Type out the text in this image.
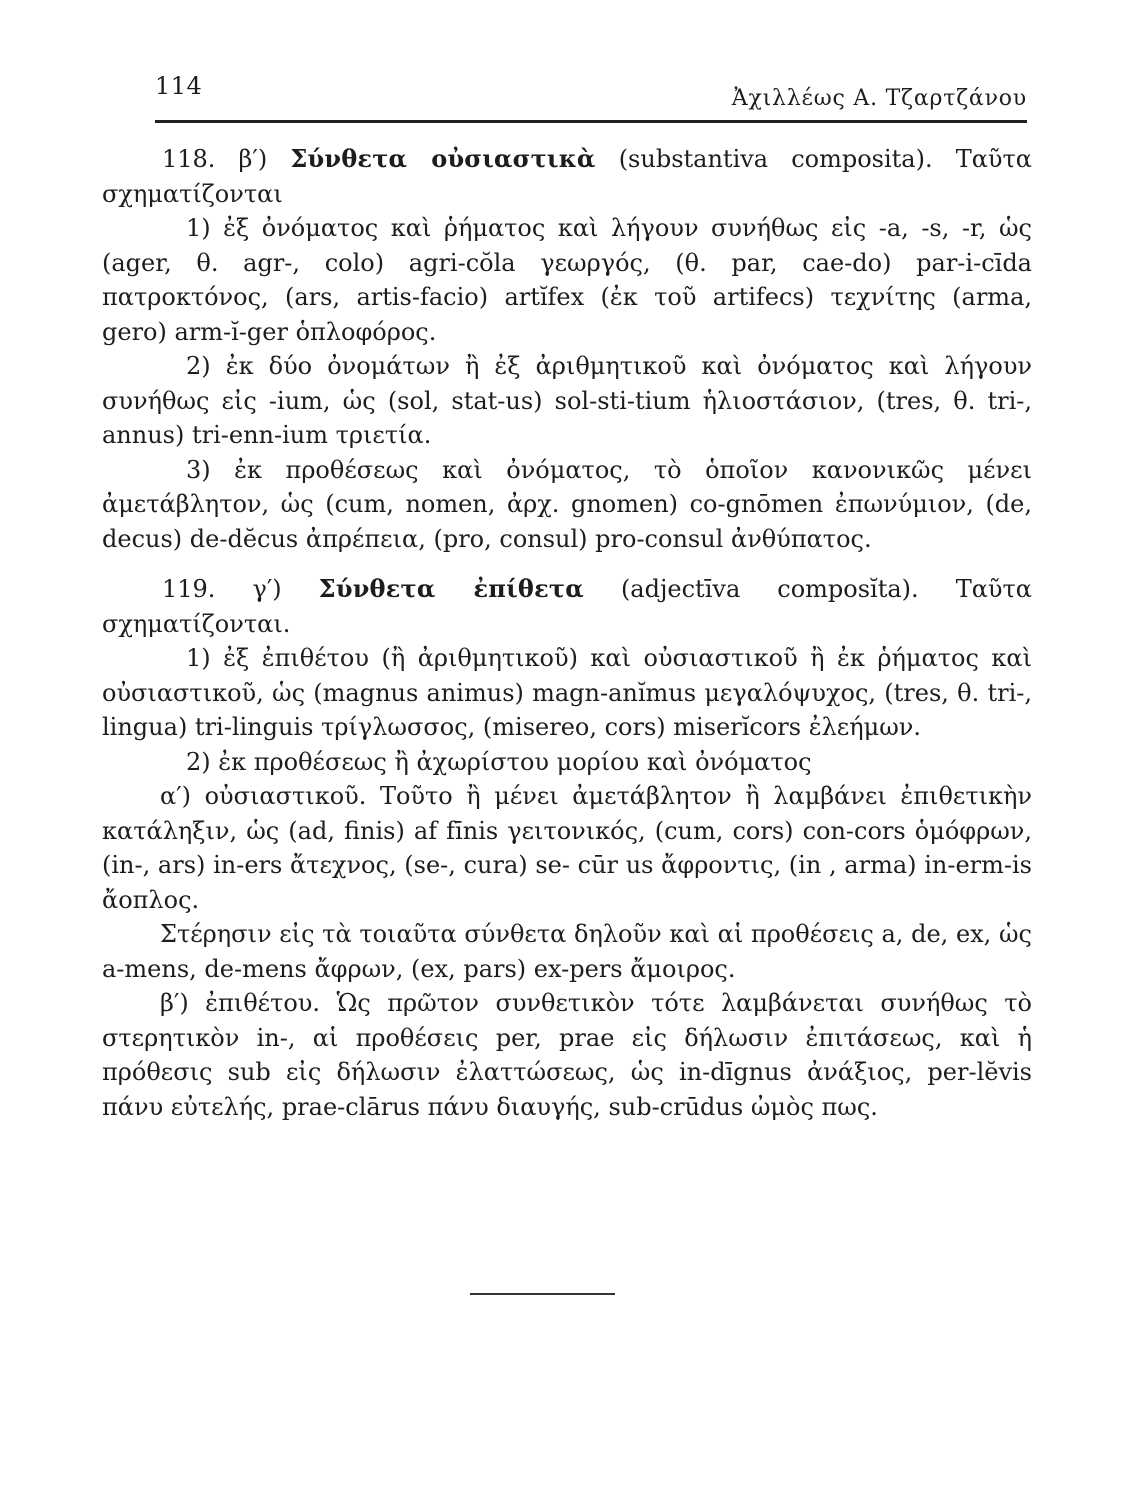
114	Ἀχιλλέως Α. Τζαρτζάνου

118. β′) Σύνθετα οὐσιαστικὰ (substantiva composita). Ταῦτα σχηματίζονται

1) ἐξ ὀνόματος καὶ ῥήματος καὶ λήγουν συνήθως εἰς -a, -s, -r, ὡς (ager, θ. agr-, colo) agri-cŏla γεωργός, (θ. par, cae-do) par-i-cīda πατροκτόνος, (ars, artis-facio) artĭfex (ἐκ τοῦ artifecs) τεχνίτης (arma, gero) arm-ĭ-ger ὁπλοφόρος.

2) ἐκ δύο ὀνομάτων ἢ ἐξ ἀριθμητικοῦ καὶ ὀνόματος καὶ λήγουν συνήθως εἰς -ium, ὡς (sol, stat-us) sol-sti-tium ἡλιοστάσιον, (tres, θ. tri-, annus) tri-enn-ium τριετία.

3) ἐκ προθέσεως καὶ ὀνόματος, τὸ ὁποῖον κανονικῶς μένει ἀμετάβλητον, ὡς (cum, nomen, ἀρχ. gnomen) co-gnōmen ἐπωνύμιον, (de, decus) de-dĕcus ἀπρέπεια, (pro, consul) pro-consul ἀνθύπατος.

119. γ′) Σύνθετα ἐπίθετα (adjectīva composĭta). Ταῦτα σχηματίζονται.

1) ἐξ ἐπιθέτου (ἢ ἀριθμητικοῦ) καὶ οὐσιαστικοῦ ἢ ἐκ ῥήματος καὶ οὐσιαστικοῦ, ὡς (magnus animus) magn-anĭmus μεγαλόψυχος, (tres, θ. tri-, lingua) tri-linguis τρίγλωσσος, (misereo, cors) miserĭcors ἐλεήμων.

2) ἐκ προθέσεως ἢ ἀχωρίστου μορίου καὶ ὀνόματος

α′) οὐσιαστικοῦ. Τοῦτο ἢ μένει ἀμετάβλητον ἢ λαμβάνει ἐπιθετικὴν κατάληξιν, ὡς (ad, finis) af fīnis γειτονικός, (cum, cors) con-cors ὁμόφρων, (in-, ars) in-ers ἄτεχνος, (se-, cura) se- cūr us ἄφροντις, (in , arma) in-erm-is ἄοπλος.

Στέρησιν εἰς τὰ τοιαῦτα σύνθετα δηλοῦν καὶ αἱ προθέσεις a, de, ex, ὡς a-mens, de-mens ἄφρων, (ex, pars) ex-pers ἄμοιρος.

β′) ἐπιθέτου. Ὡς πρῶτον συνθετικὸν τότε λαμβάνεται συνήθως τὸ στερητικὸν in-, αἱ προθέσεις per, prae εἰς δήλωσιν ἐπιτάσεως, καὶ ἡ πρόθεσις sub εἰς δήλωσιν ἐλαττώσεως, ὡς in-dīgnus ἀνάξιος, per-lĕvis πάνυ εὐτελής, prae-clārus πάνυ διαυγής, sub-crūdus ὠμὸς πως.
